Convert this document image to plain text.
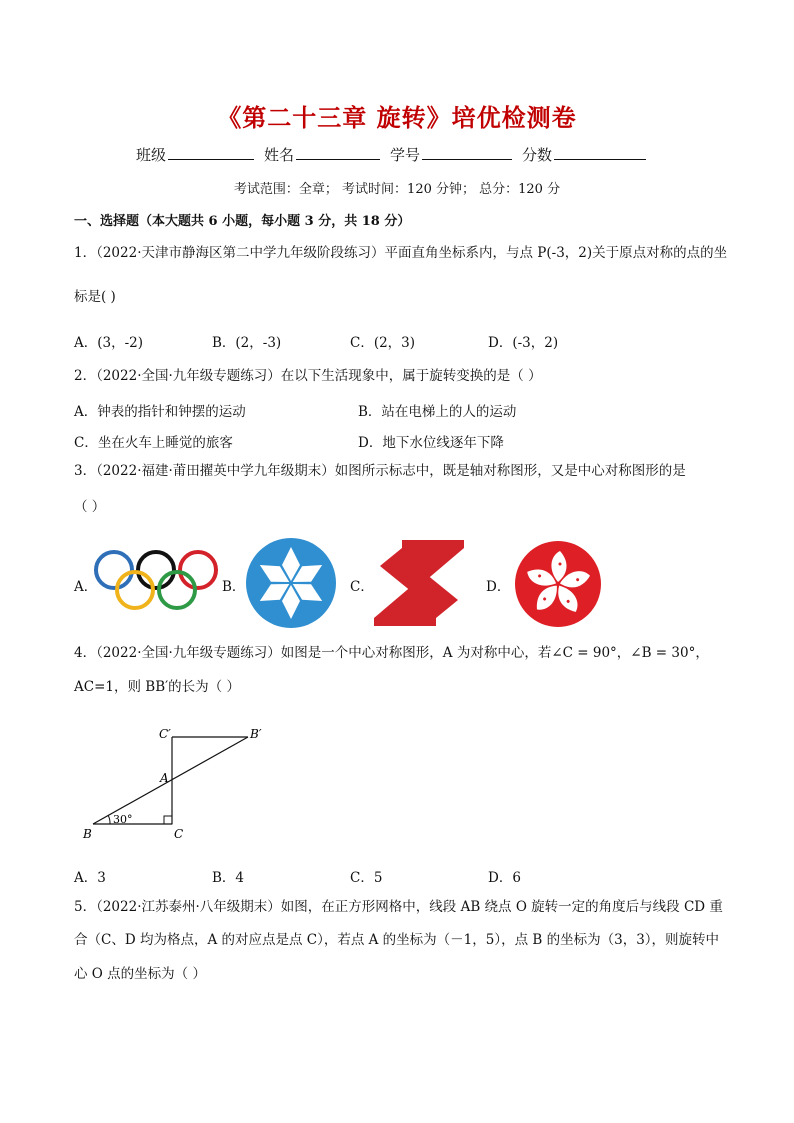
《第二十三章 旋转》培优检测卷
班级	姓名	学号	分数
考试范围：全章； 考试时间：120 分钟； 总分：120 分
一、选择题（本大题共 6 小题，每小题 3 分，共 18 分）
1．（2022·天津市静海区第二中学九年级阶段练习）平面直角坐标系内，与点 P(-3，2)关于原点对称的点的坐
标是( )
A．(3，-2)	B．(2，-3)	C．(2，3)	D．(-3，2)
2．（2022·全国·九年级专题练习）在以下生活现象中，属于旋转变换的是（ ）
A．钟表的指针和钟摆的运动	B．站在电梯上的人的运动
C．坐在火车上睡觉的旅客	D．地下水位线逐年下降
3．（2022·福建·莆田擢英中学九年级期末）如图所示标志中，既是轴对称图形，又是中心对称图形的是
（ ）
A．	B．	C．	D．
4．（2022·全国·九年级专题练习）如图是一个中心对称图形，A 为对称中心，若∠C = 90°，∠B = 30°，
AC=1，则 BB′的长为（ ）
30°
C′	B′
A
B	C
A．3	B．4	C．5	D．6
5．（2022·江苏泰州·八年级期末）如图，在正方形网格中，线段 AB 绕点 O 旋转一定的角度后与线段 CD 重
合（C、D 均为格点，A 的对应点是点 C），若点 A 的坐标为（－1，5），点 B 的坐标为（3，3），则旋转中
心 O 点的坐标为（ ）
